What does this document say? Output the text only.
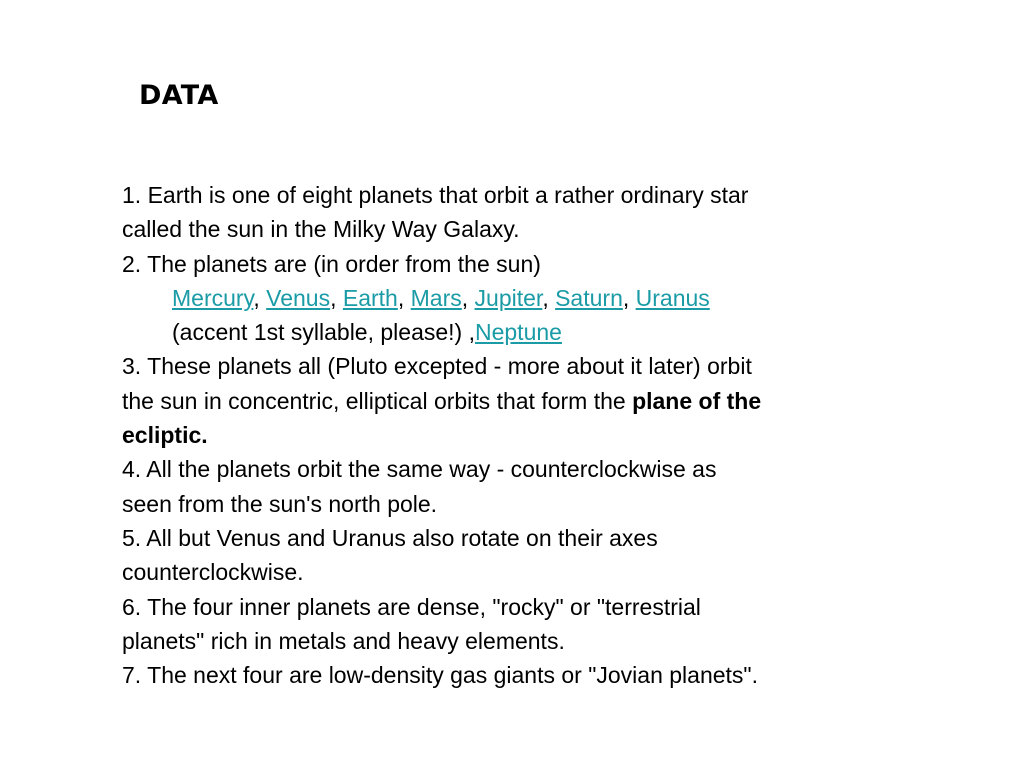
DATA
1. Earth is one of eight planets that orbit a rather ordinary star
called the sun in the Milky Way Galaxy.
2. The planets are (in order from the sun)
Mercury, Venus, Earth, Mars, Jupiter, Saturn, Uranus
(accent 1st syllable, please!) ,Neptune
3. These planets all (Pluto excepted - more about it later) orbit
the sun in concentric, elliptical orbits that form the plane of the
ecliptic.
4. All the planets orbit the same way - counterclockwise as
seen from the sun's north pole.
5. All but Venus and Uranus also rotate on their axes
counterclockwise.
6. The four inner planets are dense, "rocky" or "terrestrial
planets" rich in metals and heavy elements.
7. The next four are low-density gas giants or "Jovian planets".
